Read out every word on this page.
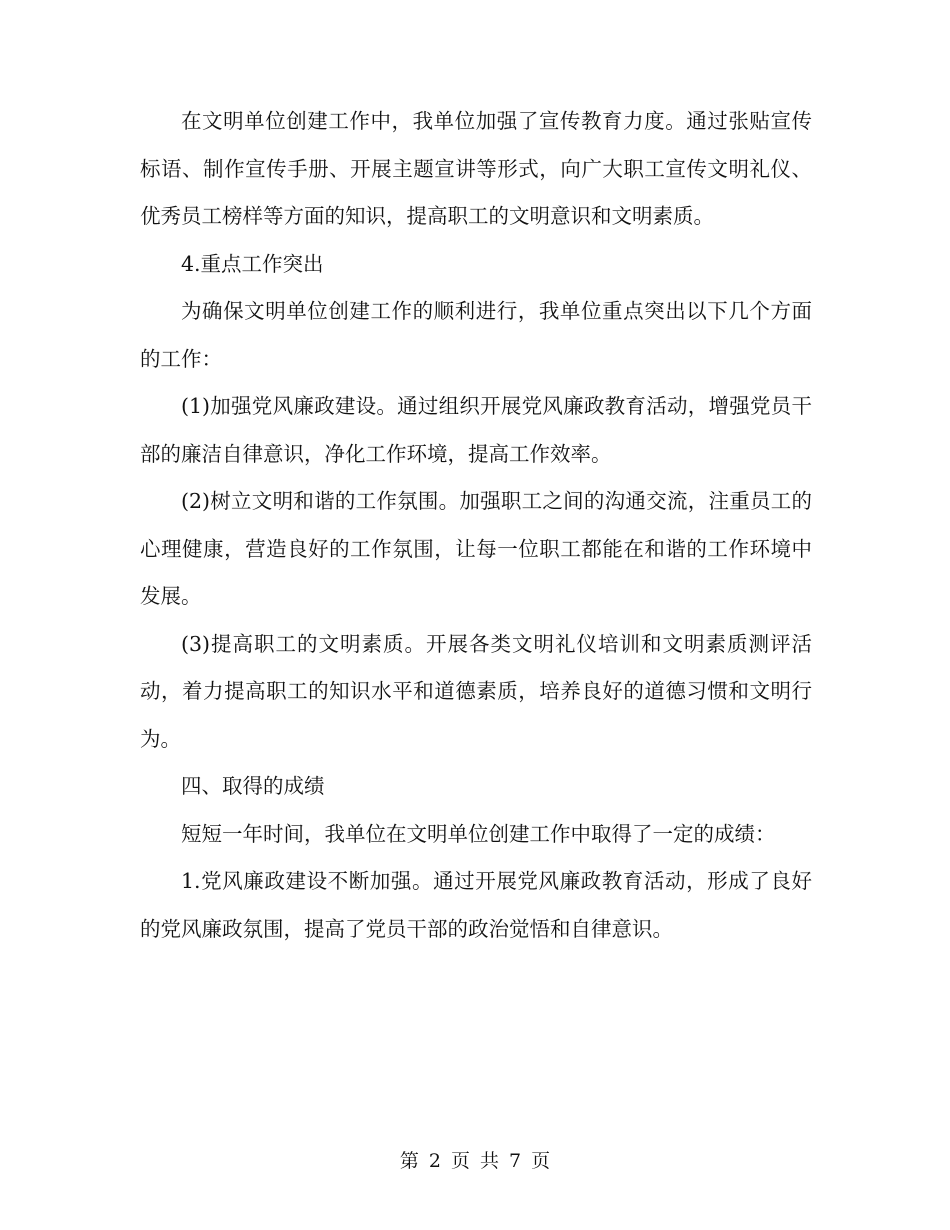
在文明单位创建工作中，我单位加强了宣传教育力度。通过张贴宣传标语、制作宣传手册、开展主题宣讲等形式，向广大职工宣传文明礼仪、优秀员工榜样等方面的知识，提高职工的文明意识和文明素质。

4.重点工作突出

为确保文明单位创建工作的顺利进行，我单位重点突出以下几个方面的工作：

(1)加强党风廉政建设。通过组织开展党风廉政教育活动，增强党员干部的廉洁自律意识，净化工作环境，提高工作效率。

(2)树立文明和谐的工作氛围。加强职工之间的沟通交流，注重员工的心理健康，营造良好的工作氛围，让每一位职工都能在和谐的工作环境中发展。

(3)提高职工的文明素质。开展各类文明礼仪培训和文明素质测评活动，着力提高职工的知识水平和道德素质，培养良好的道德习惯和文明行为。

四、取得的成绩

短短一年时间，我单位在文明单位创建工作中取得了一定的成绩：

1.党风廉政建设不断加强。通过开展党风廉政教育活动，形成了良好的党风廉政氛围，提高了党员干部的政治觉悟和自律意识。

第 2 页 共 7 页
